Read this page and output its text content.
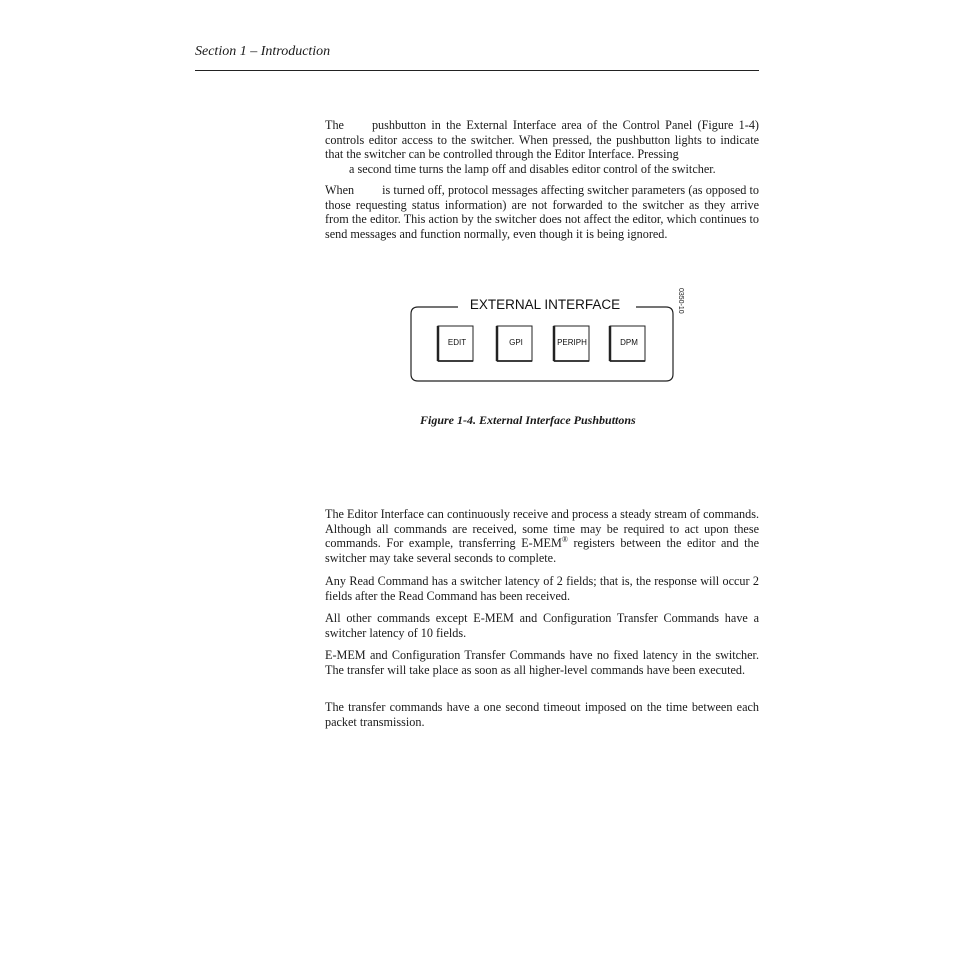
Section 1 – Introduction
The pushbutton in the External Interface area of the Control Panel (Figure 1-4) controls editor access to the switcher. When pressed, the pushbutton lights to indicate that the switcher can be controlled through the Editor Interface. Pressing
a second time turns the lamp off and disables editor control of the switcher.
When is turned off, protocol messages affecting switcher parameters (as opposed to those requesting status information) are not forwarded to the switcher as they arrive from the editor. This action by the switcher does not affect the editor, which continues to send messages and function normally, even though it is being ignored.
EXTERNAL INTERFACE
EDIT	GPI	PERIPH	DPM
0350-10
Figure 1-4. External Interface Pushbuttons
The Editor Interface can continuously receive and process a steady stream of commands. Although all commands are received, some time may be required to act upon these commands. For example, transferring E-MEM® registers between the editor and the switcher may take several seconds to complete.
Any Read Command has a switcher latency of 2 fields; that is, the response will occur 2 fields after the Read Command has been received.
All other commands except E-MEM and Configuration Transfer Commands have a switcher latency of 10 fields.
E-MEM and Configuration Transfer Commands have no fixed latency in the switcher. The transfer will take place as soon as all higher-level commands have been executed.
The transfer commands have a one second timeout imposed on the time between each packet transmission.
